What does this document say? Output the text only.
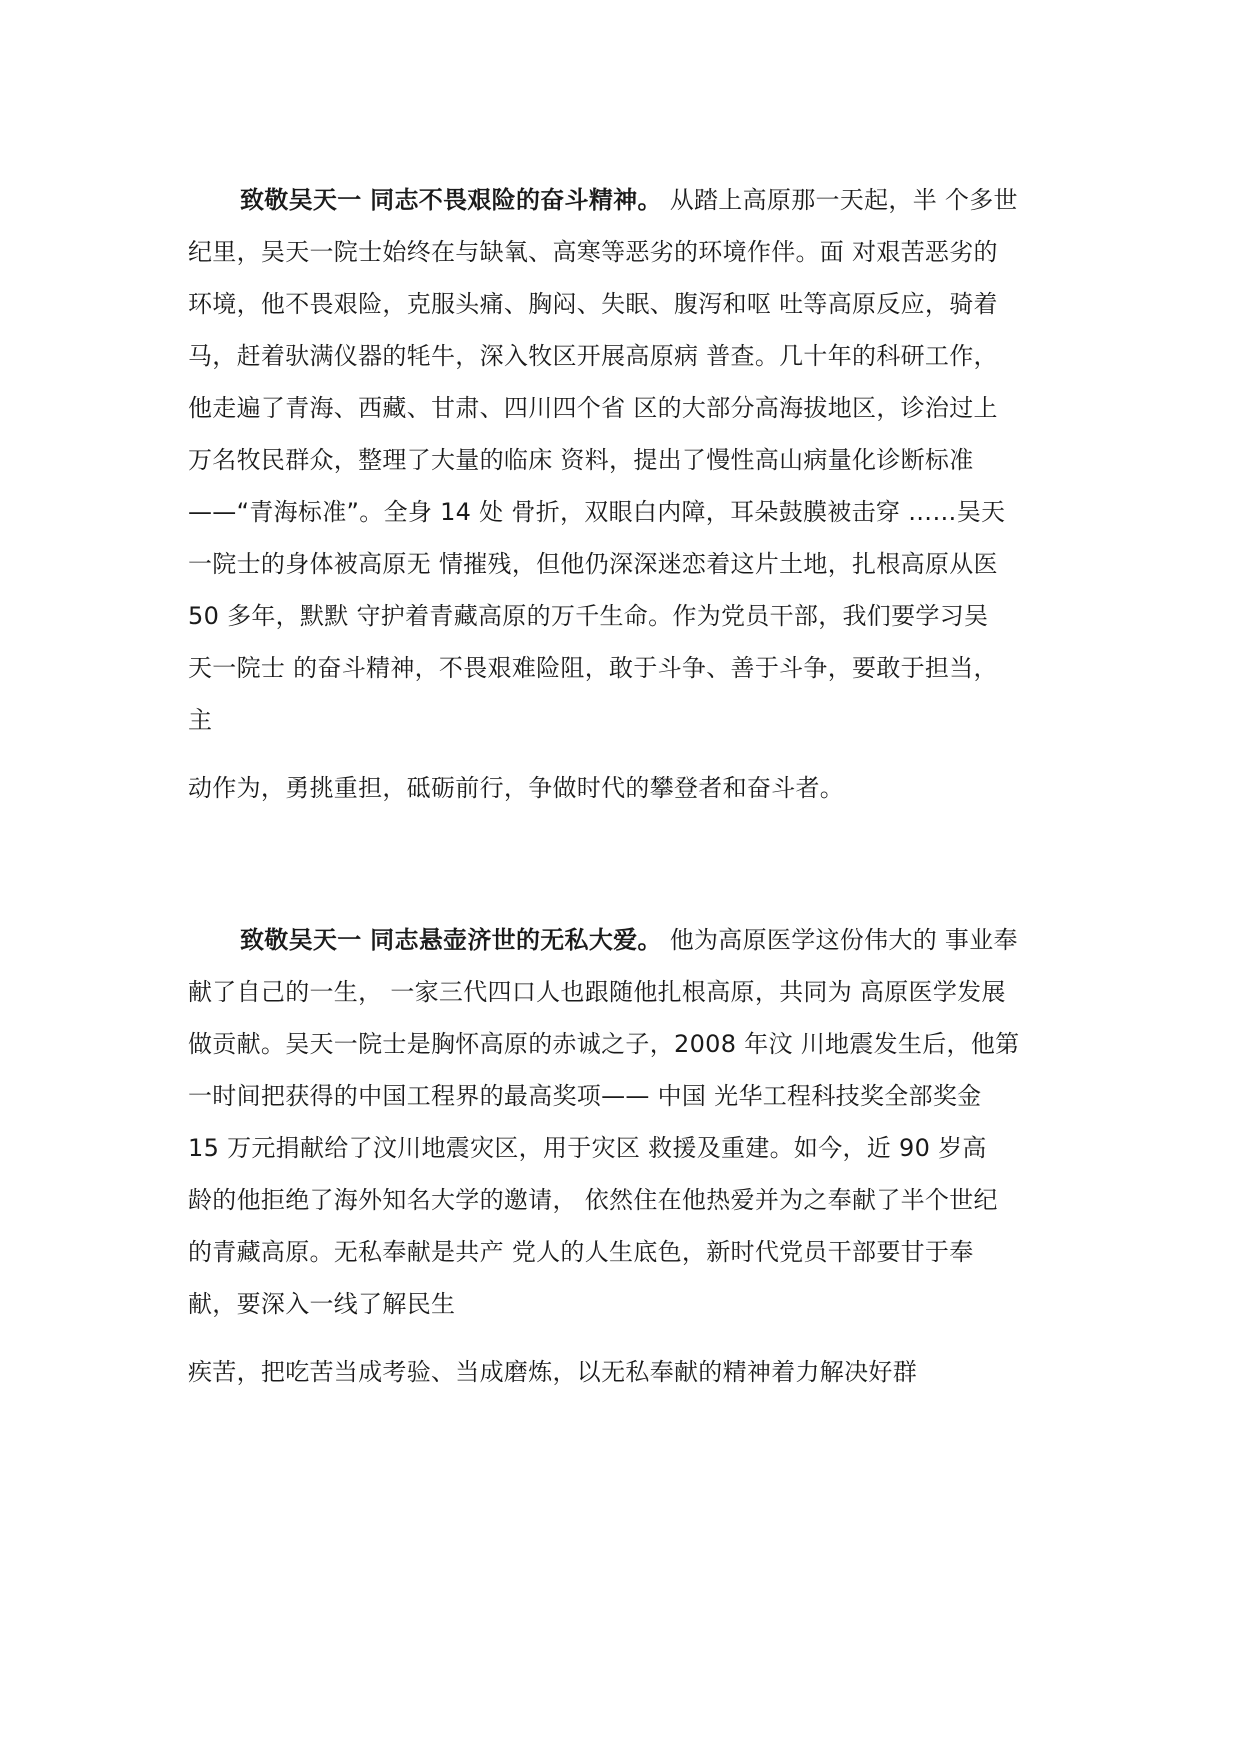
致敬吴天一 同志不畏艰险的奋斗精神。 从踏上高原那一天起，半 个多世
纪里，吴天一院士始终在与缺氧、高寒等恶劣的环境作伴。面 对艰苦恶劣的
环境，他不畏艰险，克服头痛、胸闷、失眠、腹泻和呕 吐等高原反应，骑着
马，赶着驮满仪器的牦牛，深入牧区开展高原病 普查。几十年的科研工作，
他走遍了青海、西藏、甘肃、四川四个省 区的大部分高海拔地区，诊治过上
万名牧民群众，整理了大量的临床 资料，提出了慢性高山病量化诊断标准
——“青海标准”。全身 14 处 骨折，双眼白内障，耳朵鼓膜被击穿 ……吴天
一院士的身体被高原无 情摧残，但他仍深深迷恋着这片土地，扎根高原从医
50 多年，默默 守护着青藏高原的万千生命。作为党员干部，我们要学习吴
天一院士 的奋斗精神，不畏艰难险阻，敢于斗争、善于斗争，要敢于担当，
主
动作为，勇挑重担，砥砺前行，争做时代的攀登者和奋斗者。
致敬吴天一 同志悬壶济世的无私大爱。 他为高原医学这份伟大的 事业奉
献了自己的一生， 一家三代四口人也跟随他扎根高原，共同为 高原医学发展
做贡献。吴天一院士是胸怀高原的赤诚之子，2008 年汶 川地震发生后，他第
一时间把获得的中国工程界的最高奖项—— 中国 光华工程科技奖全部奖金
15 万元捐献给了汶川地震灾区，用于灾区 救援及重建。如今，近 90 岁高
龄的他拒绝了海外知名大学的邀请， 依然住在他热爱并为之奉献了半个世纪
的青藏高原。无私奉献是共产 党人的人生底色，新时代党员干部要甘于奉
献，要深入一线了解民生
疾苦，把吃苦当成考验、当成磨炼，以无私奉献的精神着力解决好群
